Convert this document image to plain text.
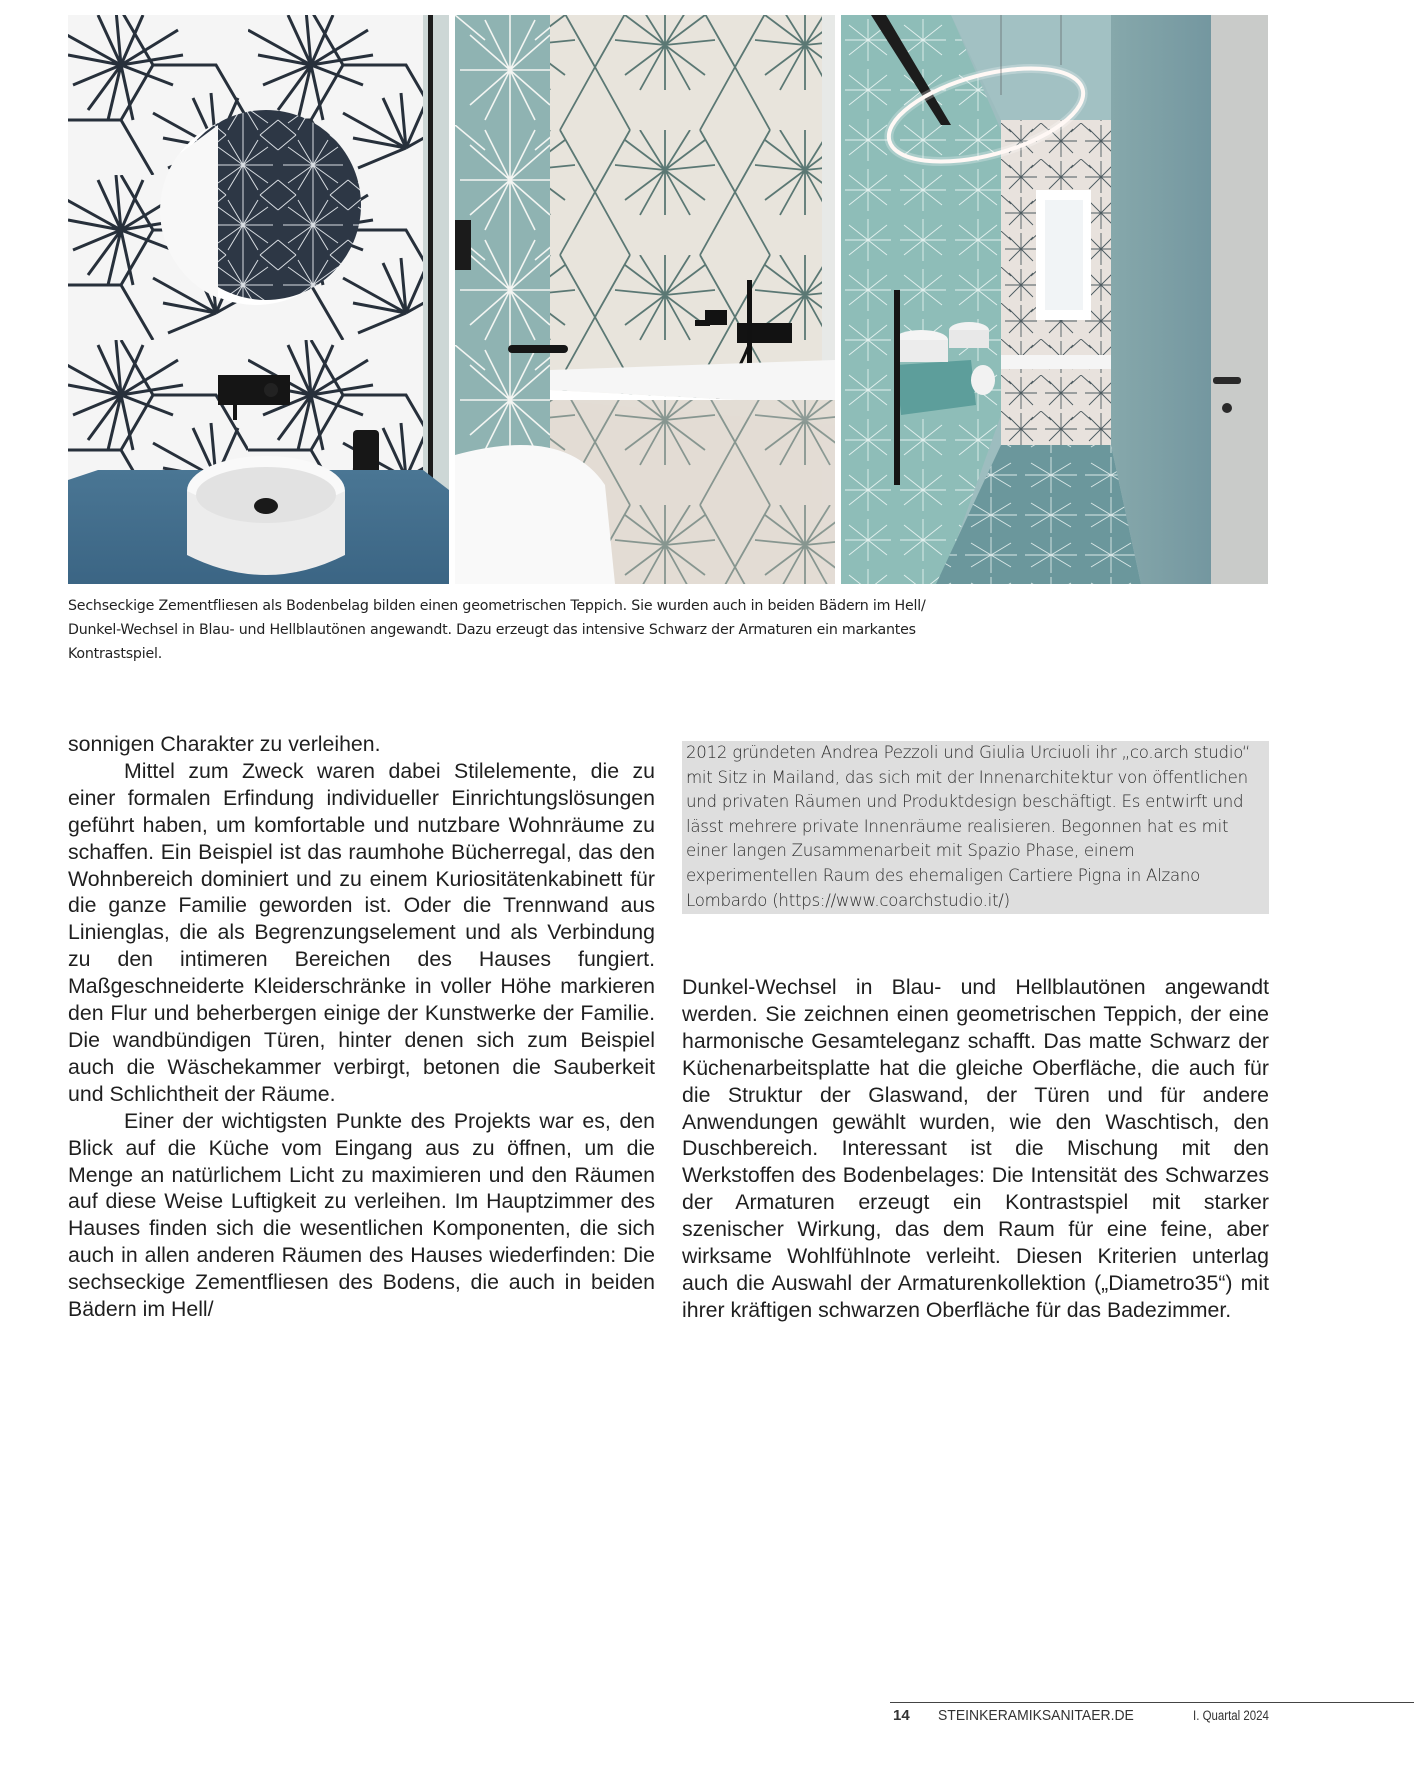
Sechseckige Zementfliesen als Bodenbelag bilden einen geometrischen Teppich. Sie wurden auch in beiden Bädern im Hell/
Dunkel-Wechsel in Blau- und Hellblautönen angewandt. Dazu erzeugt das intensive Schwarz der Armaturen ein markantes
Kontrastspiel.

sonnigen Charakter zu verleihen.

Mittel zum Zweck waren dabei Stilelemente, die zu einer formalen Erfindung individueller Einrichtungslösungen geführt haben, um komfortable und nutzbare Wohnräume zu schaffen. Ein Beispiel ist das raumhohe Bücherregal, das den Wohnbereich dominiert und zu einem Kuriositätenkabinett für die ganze Familie geworden ist. Oder die Trennwand aus Linienglas, die als Begrenzungselement und als Verbindung zu den intimeren Bereichen des Hauses fungiert. Maßgeschneiderte Kleiderschränke in voller Höhe markieren den Flur und beherbergen einige der Kunstwerke der Familie. Die wandbündigen Türen, hinter denen sich zum Beispiel auch die Wäschekammer verbirgt, betonen die Sauberkeit und Schlichtheit der Räume.

Einer der wichtigsten Punkte des Projekts war es, den Blick auf die Küche vom Eingang aus zu öffnen, um die Menge an natürlichem Licht zu maximieren und den Räumen auf diese Weise Luftigkeit zu verleihen. Im Hauptzimmer des Hauses finden sich die wesentlichen Komponenten, die sich auch in allen anderen Räumen des Hauses wiederfinden: Die sechseckige Zementfliesen des Bodens, die auch in beiden Bädern im Hell/

2012 gründeten Andrea Pezzoli und Giulia Urciuoli ihr „co.arch studio“ mit Sitz in Mailand, das sich mit der Innenarchitektur von öffentlichen und privaten Räumen und Produktdesign beschäftigt. Es entwirft und lässt mehrere private Innenräume realisieren. Begonnen hat es mit einer langen Zusammenarbeit mit Spazio Phase, einem experimentellen Raum des ehemaligen Cartiere Pigna in Alzano Lombardo (https://www.coarchstudio.it/)

Dunkel-Wechsel in Blau- und Hellblautönen angewandt werden. Sie zeichnen einen geometrischen Teppich, der eine harmonische Gesamteleganz schafft. Das matte Schwarz der Küchenarbeitsplatte hat die gleiche Oberfläche, die auch für die Struktur der Glaswand, der Türen und für andere Anwendungen gewählt wurden, wie den Waschtisch, den Duschbereich. Interessant ist die Mischung mit den Werkstoffen des Bodenbelages: Die Intensität des Schwarzes der Armaturen erzeugt ein Kontrastspiel mit starker szenischer Wirkung, das dem Raum für eine feine, aber wirksame Wohlfühlnote verleiht. Diesen Kriterien unterlag auch die Auswahl der Armaturenkollektion („Diametro35“) mit ihrer kräftigen schwarzen Oberfläche für das Badezimmer.

14 STEINKERAMIKSANITAER.DE	I. Quartal 2024
